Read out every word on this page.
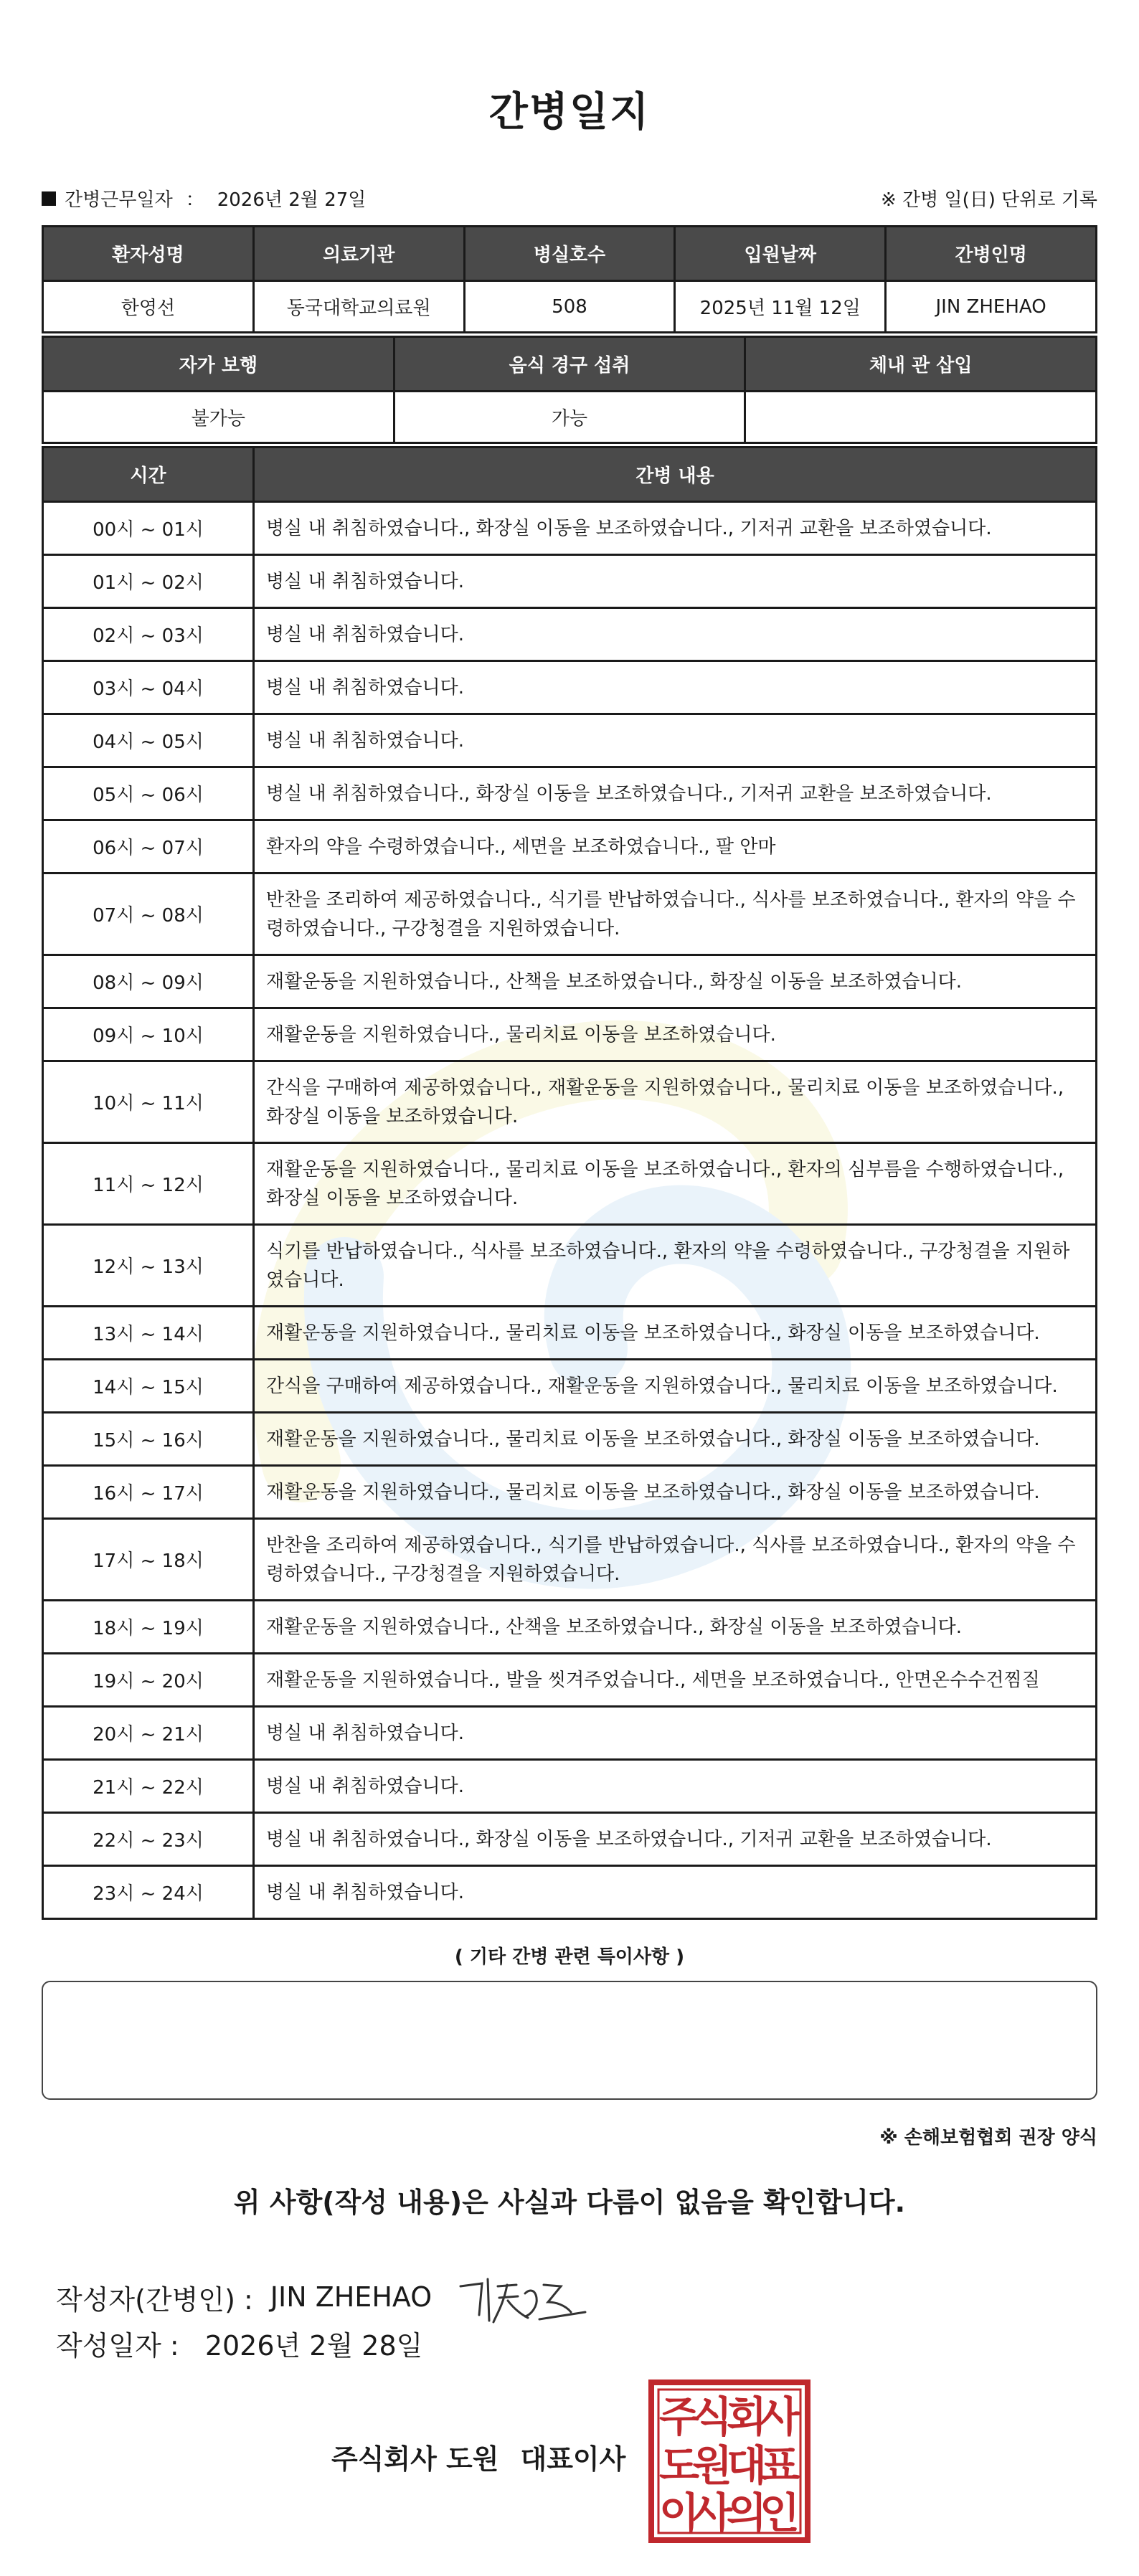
간병일지
간병근무일자 ： 2026년 2월 27일	※ 간병 일(日) 단위로 기록
환자성명	의료기관	병실호수	입원날짜	간병인명
한영선	동국대학교의료원	508	2025년 11월 12일	JIN ZHEHAO
자가 보행	음식 경구 섭취	체내 관 삽입
불가능	가능	
시간	간병 내용
00시 ~ 01시	병실 내 취침하였습니다., 화장실 이동을 보조하였습니다., 기저귀 교환을 보조하였습니다.
01시 ~ 02시	병실 내 취침하였습니다.
02시 ~ 03시	병실 내 취침하였습니다.
03시 ~ 04시	병실 내 취침하였습니다.
04시 ~ 05시	병실 내 취침하였습니다.
05시 ~ 06시	병실 내 취침하였습니다., 화장실 이동을 보조하였습니다., 기저귀 교환을 보조하였습니다.
06시 ~ 07시	환자의 약을 수령하였습니다., 세면을 보조하였습니다., 팔 안마
07시 ~ 08시	반찬을 조리하여 제공하였습니다., 식기를 반납하였습니다., 식사를 보조하였습니다., 환자의 약을 수령하였습니다., 구강청결을 지원하였습니다.
08시 ~ 09시	재활운동을 지원하였습니다., 산책을 보조하였습니다., 화장실 이동을 보조하였습니다.
09시 ~ 10시	재활운동을 지원하였습니다., 물리치료 이동을 보조하였습니다.
10시 ~ 11시	간식을 구매하여 제공하였습니다., 재활운동을 지원하였습니다., 물리치료 이동을 보조하였습니다., 화장실 이동을 보조하였습니다.
11시 ~ 12시	재활운동을 지원하였습니다., 물리치료 이동을 보조하였습니다., 환자의 심부름을 수행하였습니다., 화장실 이동을 보조하였습니다.
12시 ~ 13시	식기를 반납하였습니다., 식사를 보조하였습니다., 환자의 약을 수령하였습니다., 구강청결을 지원하였습니다.
13시 ~ 14시	재활운동을 지원하였습니다., 물리치료 이동을 보조하였습니다., 화장실 이동을 보조하였습니다.
14시 ~ 15시	간식을 구매하여 제공하였습니다., 재활운동을 지원하였습니다., 물리치료 이동을 보조하였습니다.
15시 ~ 16시	재활운동을 지원하였습니다., 물리치료 이동을 보조하였습니다., 화장실 이동을 보조하였습니다.
16시 ~ 17시	재활운동을 지원하였습니다., 물리치료 이동을 보조하였습니다., 화장실 이동을 보조하였습니다.
17시 ~ 18시	반찬을 조리하여 제공하였습니다., 식기를 반납하였습니다., 식사를 보조하였습니다., 환자의 약을 수령하였습니다., 구강청결을 지원하였습니다.
18시 ~ 19시	재활운동을 지원하였습니다., 산책을 보조하였습니다., 화장실 이동을 보조하였습니다.
19시 ~ 20시	재활운동을 지원하였습니다., 발을 씻겨주었습니다., 세면을 보조하였습니다., 안면온수수건찜질
20시 ~ 21시	병실 내 취침하였습니다.
21시 ~ 22시	병실 내 취침하였습니다.
22시 ~ 23시	병실 내 취침하였습니다., 화장실 이동을 보조하였습니다., 기저귀 교환을 보조하였습니다.
23시 ~ 24시	병실 내 취침하였습니다.
( 기타 간병 관련 특이사항 )
※ 손해보험협회 권장 양식
위 사항(작성 내용)은 사실과 다름이 없음을 확인합니다.
작성자(간병인) : JIN ZHEHAO
작성일자 : 2026년 2월 28일
주식회사 도원 대표이사
주
식
회
사
도
원
대
표
이
사
의
인
